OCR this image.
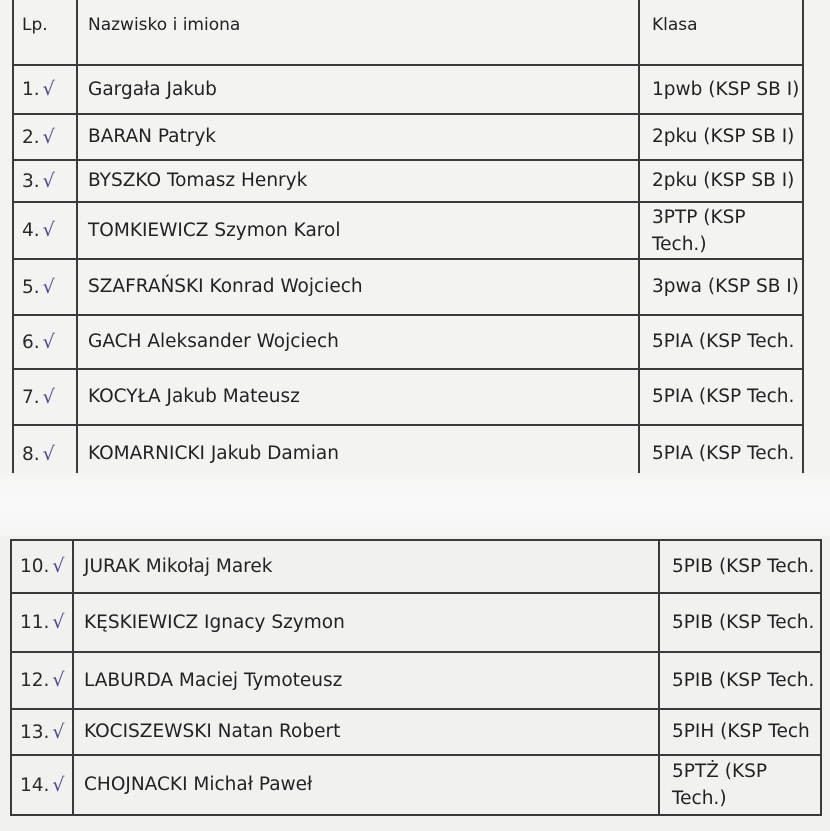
Lp.	Nazwisko i imiona	Klasa
1. √	Gargała Jakub	1pwb (KSP SB I)
2. √	BARAN Patryk	2pku (KSP SB I)
3. √	BYSZKO Tomasz Henryk	2pku (KSP SB I)
4. √	TOMKIEWICZ Szymon Karol	3PTP (KSP Tech.)
5. √	SZAFRAŃSKI Konrad Wojciech	3pwa (KSP SB I)
6. √	GACH Aleksander Wojciech	5PIA (KSP Tech.
7. √	KOCYŁA Jakub Mateusz	5PIA (KSP Tech.
8. √	KOMARNICKI Jakub Damian	5PIA (KSP Tech.
10. √	JURAK Mikołaj Marek	5PIB (KSP Tech.
11. √	KĘSKIEWICZ Ignacy Szymon	5PIB (KSP Tech.
12. √	LABURDA Maciej Tymoteusz	5PIB (KSP Tech.
13. √	KOCISZEWSKI Natan Robert	5PIH (KSP Tech
14. √	CHOJNACKI Michał Paweł	5PTŻ (KSP Tech.)
